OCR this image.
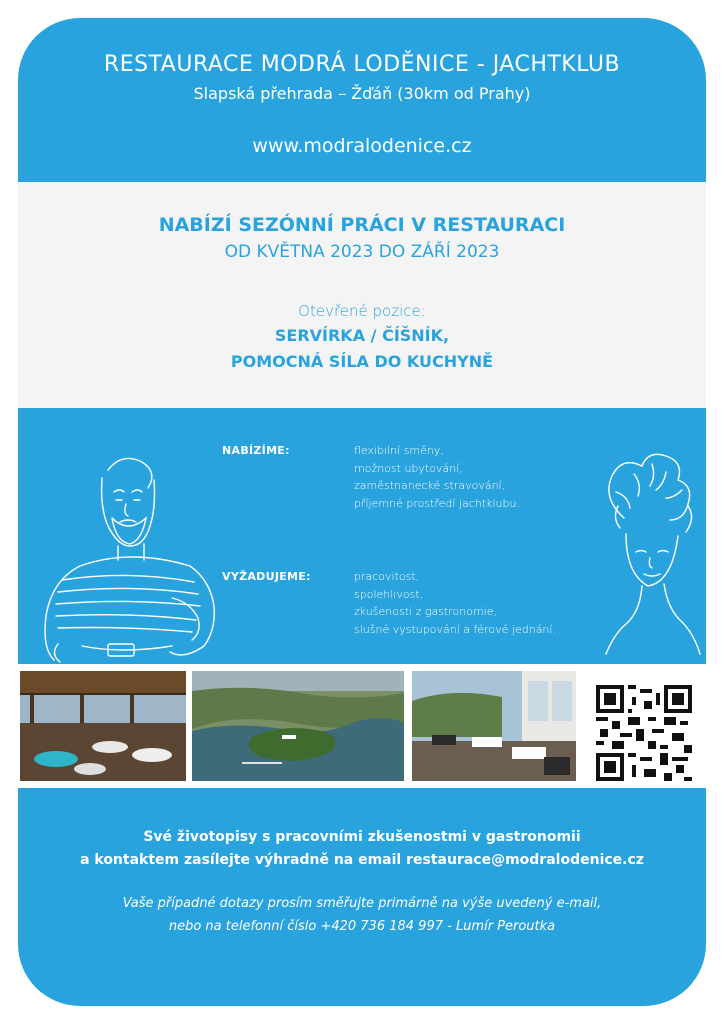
RESTAURACE MODRÁ LODĚNICE - JACHTKLUB
Slapská přehrada – Žďáň (30km od Prahy)
www.modralodenice.cz
NABÍZÍ SEZÓNNÍ PRÁCI V RESTAURACI
OD KVĚTNA 2023 DO ZÁŘÍ 2023
Otevřené pozice:
SERVÍRKA / ČÍŠNÍK,
POMOCNÁ SÍLA DO KUCHYNĚ
NABÍZÍME:	flexibilní směny,
možnost ubytování,
zaměstnanecké stravování,
příjemné prostředí jachtklubu.
VYŽADUJEME:	pracovitost,
spolehlivost,
zkušenosti z gastronomie,
slušné vystupování a férové jednání.
Své životopisy s pracovními zkušenostmi v gastronomii
a kontaktem zasílejte výhradně na email restaurace@modralodenice.cz
Vaše případné dotazy prosím směřujte primárně na výše uvedený e-mail,
nebo na telefonní číslo +420 736 184 997 - Lumír Peroutka
